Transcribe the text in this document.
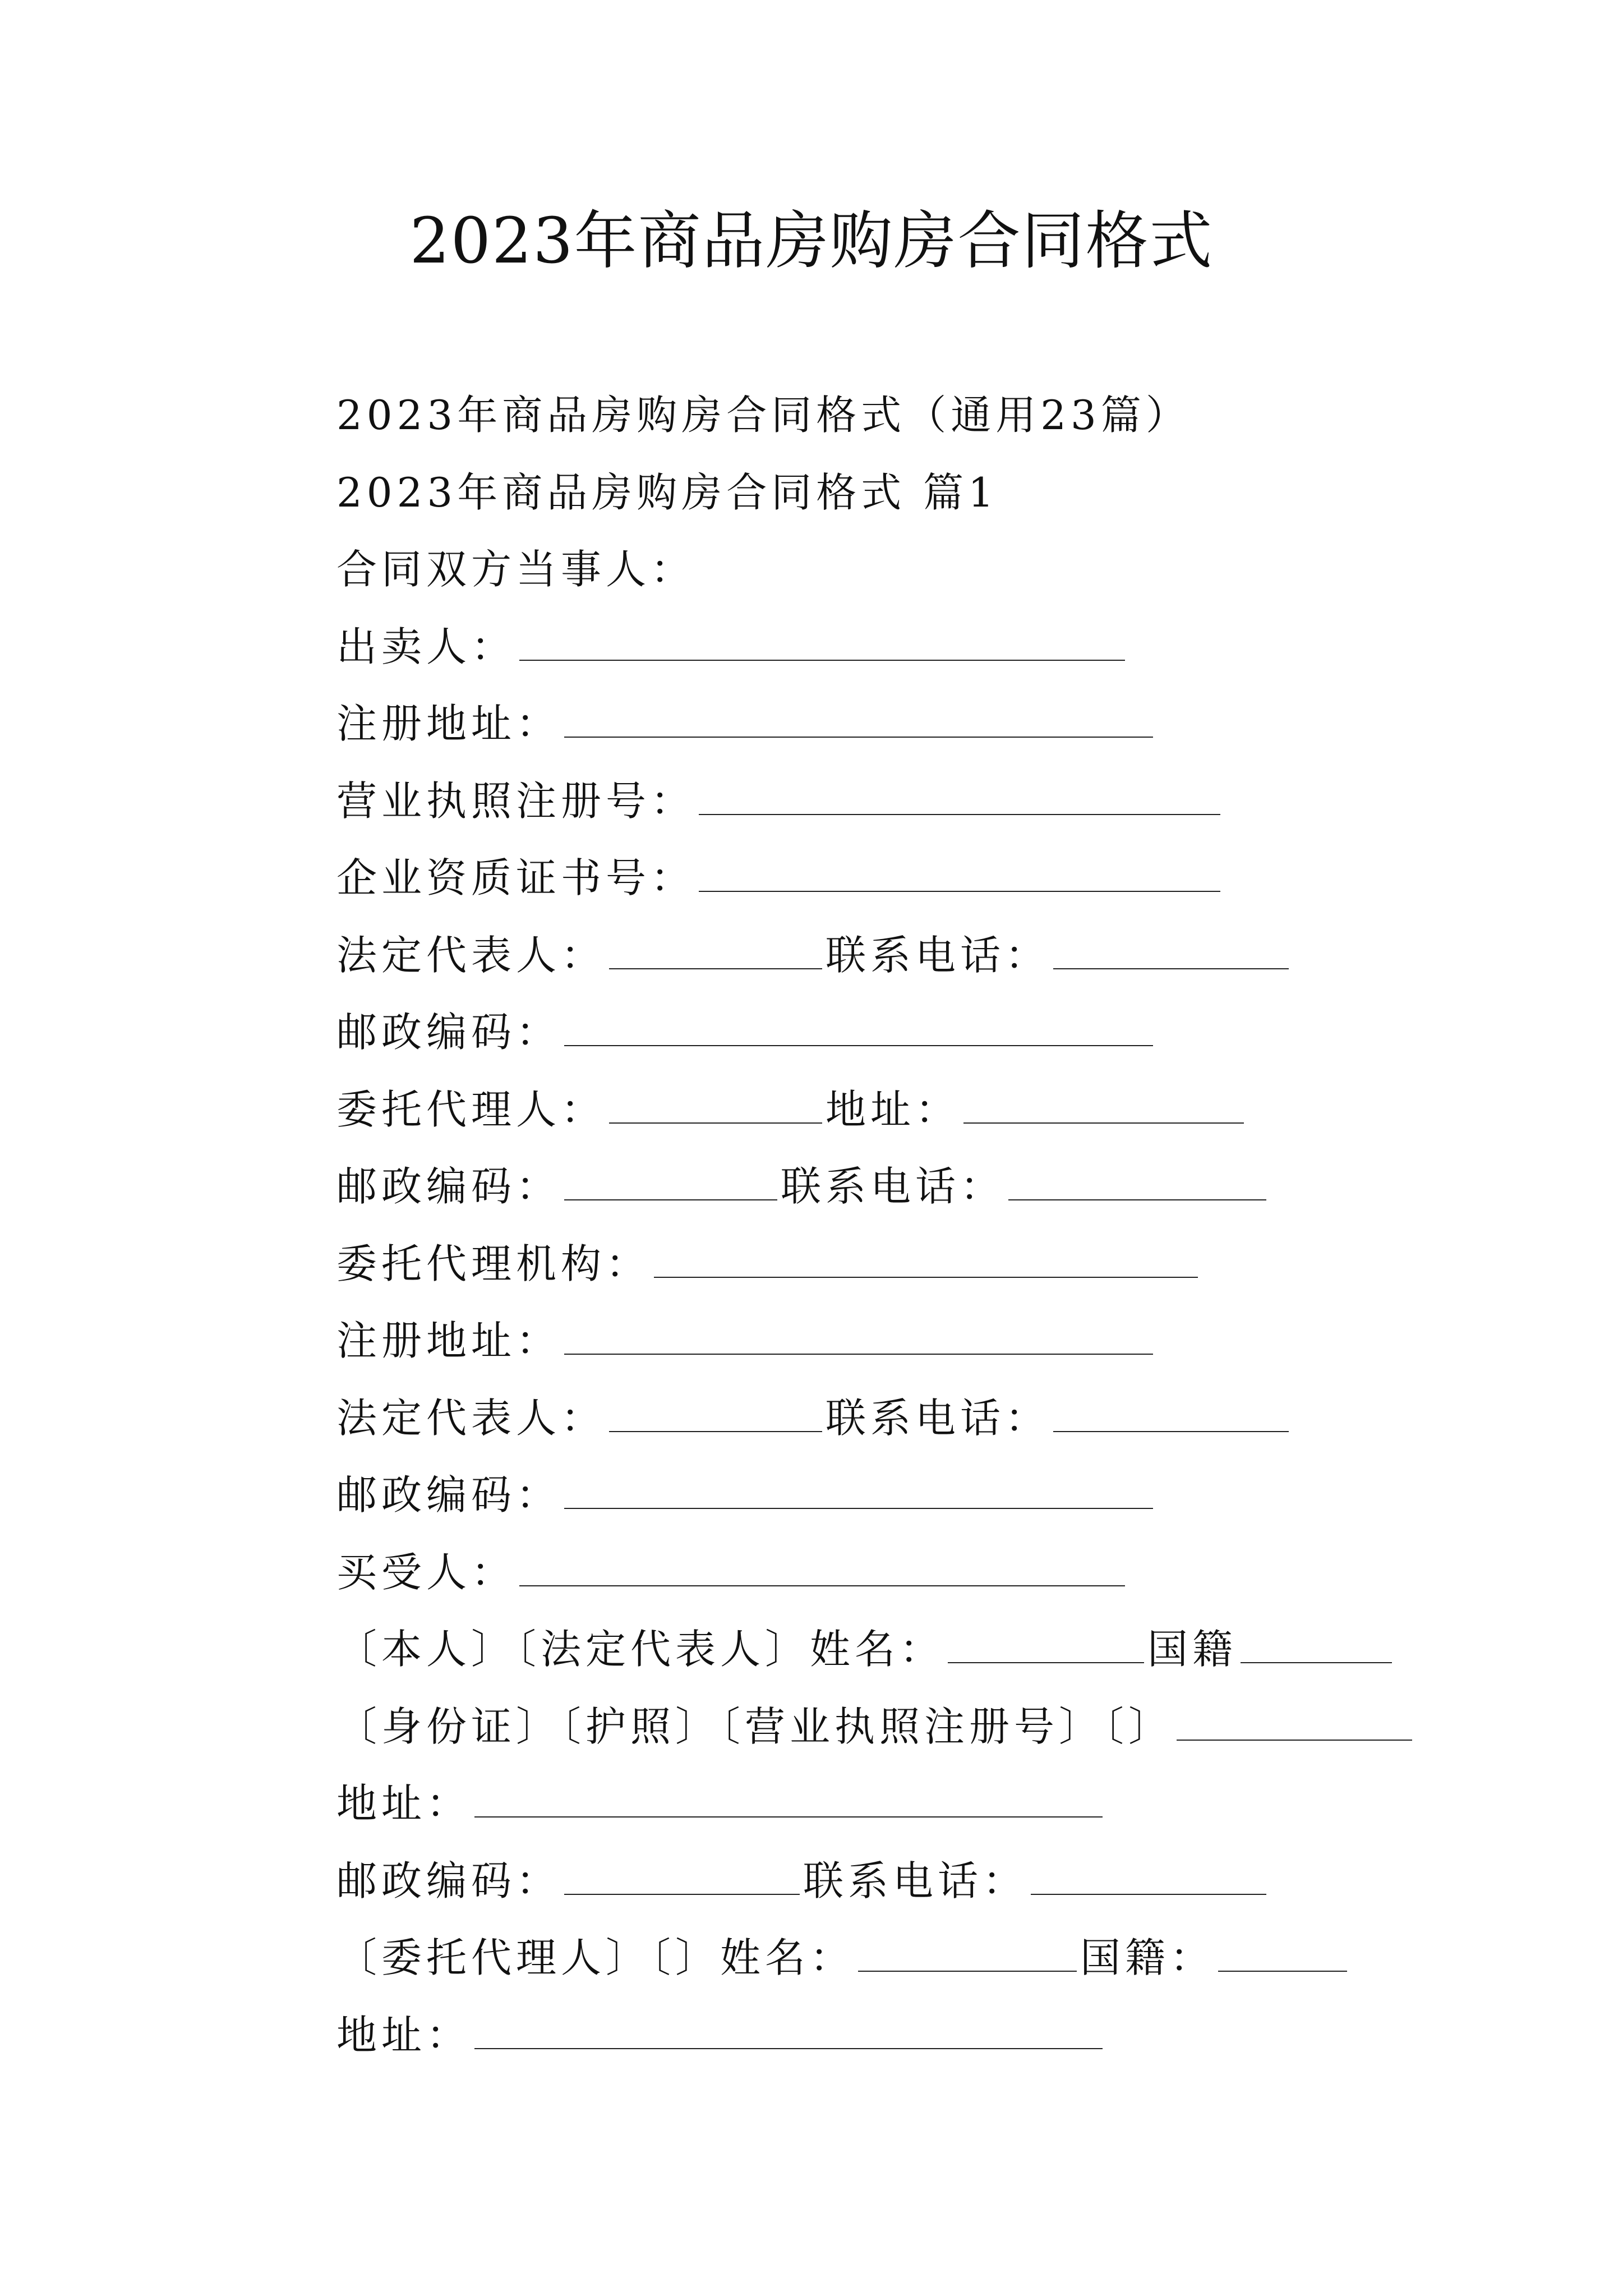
2023年商品房购房合同格式
2023年商品房购房合同格式（通用23篇）
2023年商品房购房合同格式 篇1
合同双方当事人：
出卖人：
注册地址：
营业执照注册号：
企业资质证书号：
法定代表人：	联系电话：
邮政编码：
委托代理人：	地址：
邮政编码：	联系电话：
委托代理机构：
注册地址：
法定代表人：	联系电话：
邮政编码：
买受人：
〔本人〕〔法定代表人〕姓名：	国籍
〔身份证〕〔护照〕〔营业执照注册号〕〔〕
地址：
邮政编码：	联系电话：
〔委托代理人〕〔〕姓名：	国籍：
地址：
